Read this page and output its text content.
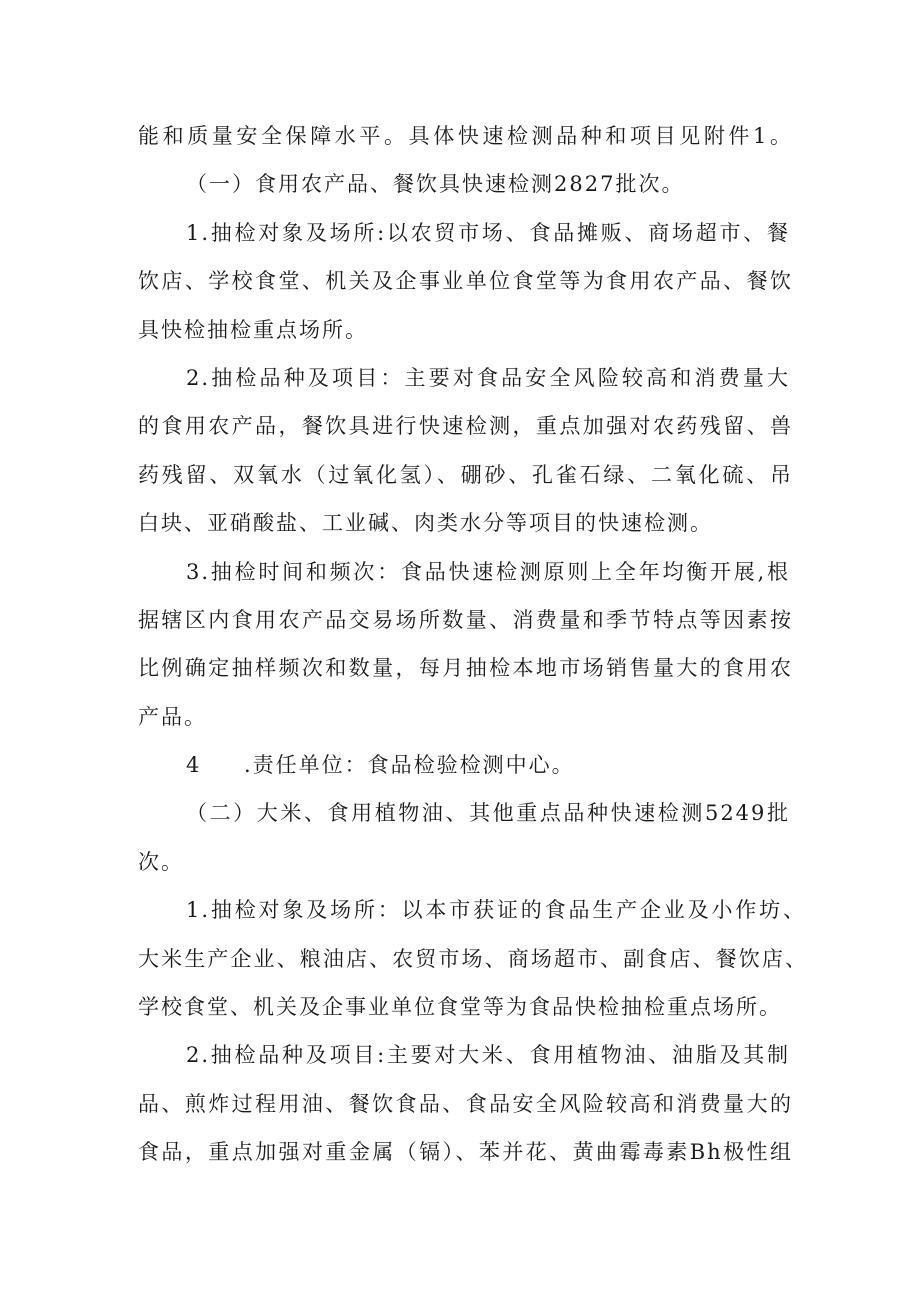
能和质量安全保障水平。具体快速检测品种和项目见附件1。
（一）食用农产品、餐饮具快速检测2827批次。
1.抽检对象及场所:以农贸市场、食品摊贩、商场超市、餐
饮店、学校食堂、机关及企事业单位食堂等为食用农产品、餐饮
具快检抽检重点场所。
2.抽检品种及项目：主要对食品安全风险较高和消费量大
的食用农产品，餐饮具进行快速检测，重点加强对农药残留、兽
药残留、双氧水（过氧化氢）、硼砂、孔雀石绿、二氧化硫、吊
白块、亚硝酸盐、工业碱、肉类水分等项目的快速检测。
3.抽检时间和频次：食品快速检测原则上全年均衡开展,根
据辖区内食用农产品交易场所数量、消费量和季节特点等因素按
比例确定抽样频次和数量，每月抽检本地市场销售量大的食用农
产品。
4 .责任单位：食品检验检测中心。
（二）大米、食用植物油、其他重点品种快速检测5249批
次。
1.抽检对象及场所：以本市获证的食品生产企业及小作坊、
大米生产企业、粮油店、农贸市场、商场超市、副食店、餐饮店、
学校食堂、机关及企事业单位食堂等为食品快检抽检重点场所。
2.抽检品种及项目:主要对大米、食用植物油、油脂及其制
品、煎炸过程用油、餐饮食品、食品安全风险较高和消费量大的
食品，重点加强对重金属（镉）、苯并花、黄曲霉毒素Bh极性组
